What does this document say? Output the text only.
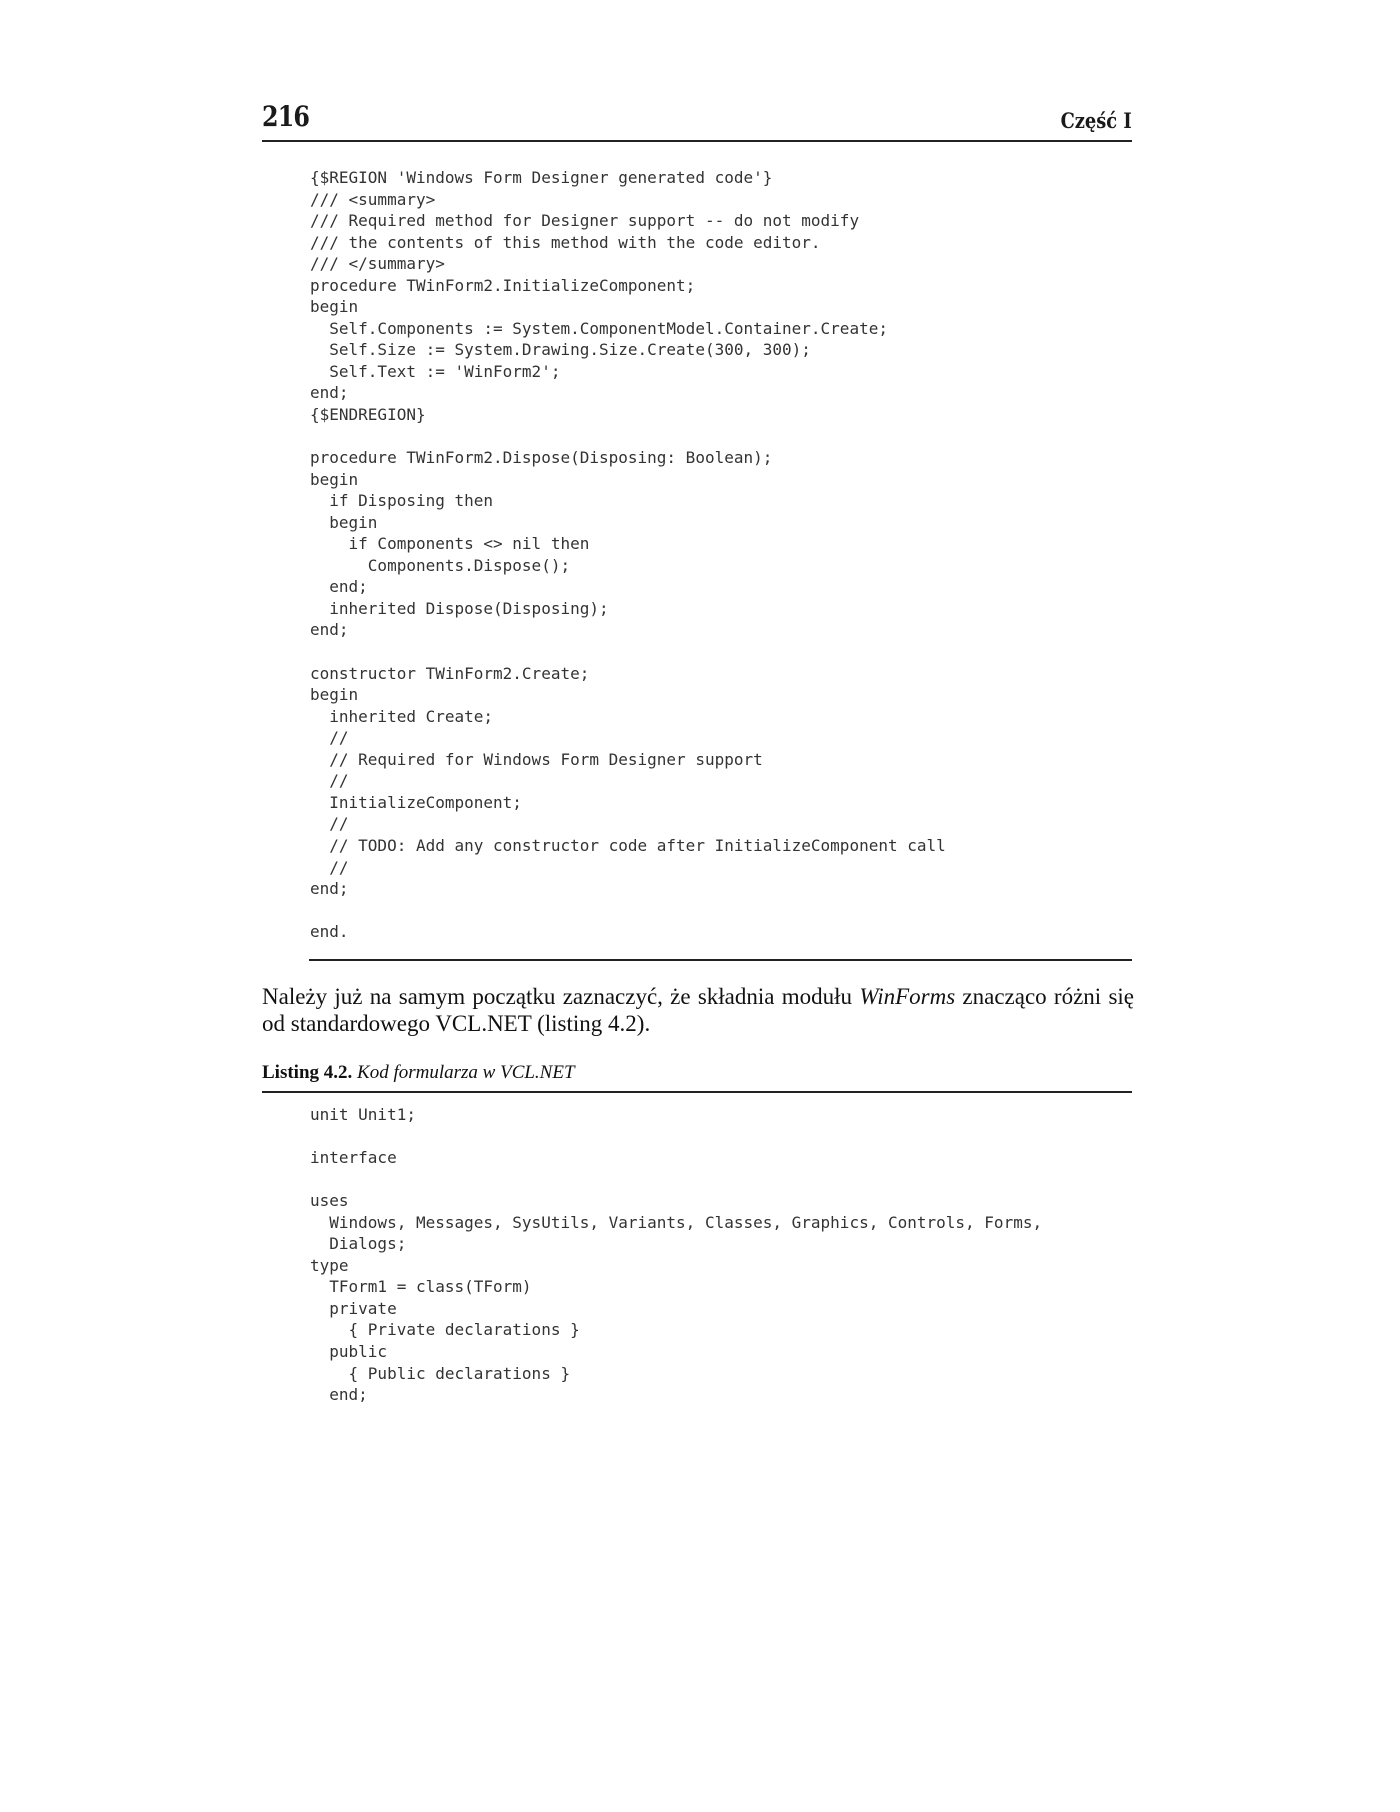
216	Część I
{$REGION 'Windows Form Designer generated code'}
/// <summary>
/// Required method for Designer support -- do not modify
/// the contents of this method with the code editor.
/// </summary>
procedure TWinForm2.InitializeComponent;
begin
Self.Components := System.ComponentModel.Container.Create;
Self.Size := System.Drawing.Size.Create(300, 300);
Self.Text := 'WinForm2';
end;
{$ENDREGION}

procedure TWinForm2.Dispose(Disposing: Boolean);
begin
if Disposing then
begin
if Components <> nil then
Components.Dispose();
end;
inherited Dispose(Disposing);
end;

constructor TWinForm2.Create;
begin
inherited Create;
//
// Required for Windows Form Designer support
//
InitializeComponent;
//
// TODO: Add any constructor code after InitializeComponent call
//
end;

end.

Należy już na samym początku zaznaczyć, że składnia modułu WinForms znacząco różni się od standardowego VCL.NET (listing 4.2).

Listing 4.2. Kod formularza w VCL.NET
unit Unit1;

interface

uses
Windows, Messages, SysUtils, Variants, Classes, Graphics, Controls, Forms,
Dialogs;
type
TForm1 = class(TForm)
private
{ Private declarations }
public
{ Public declarations }
end;
